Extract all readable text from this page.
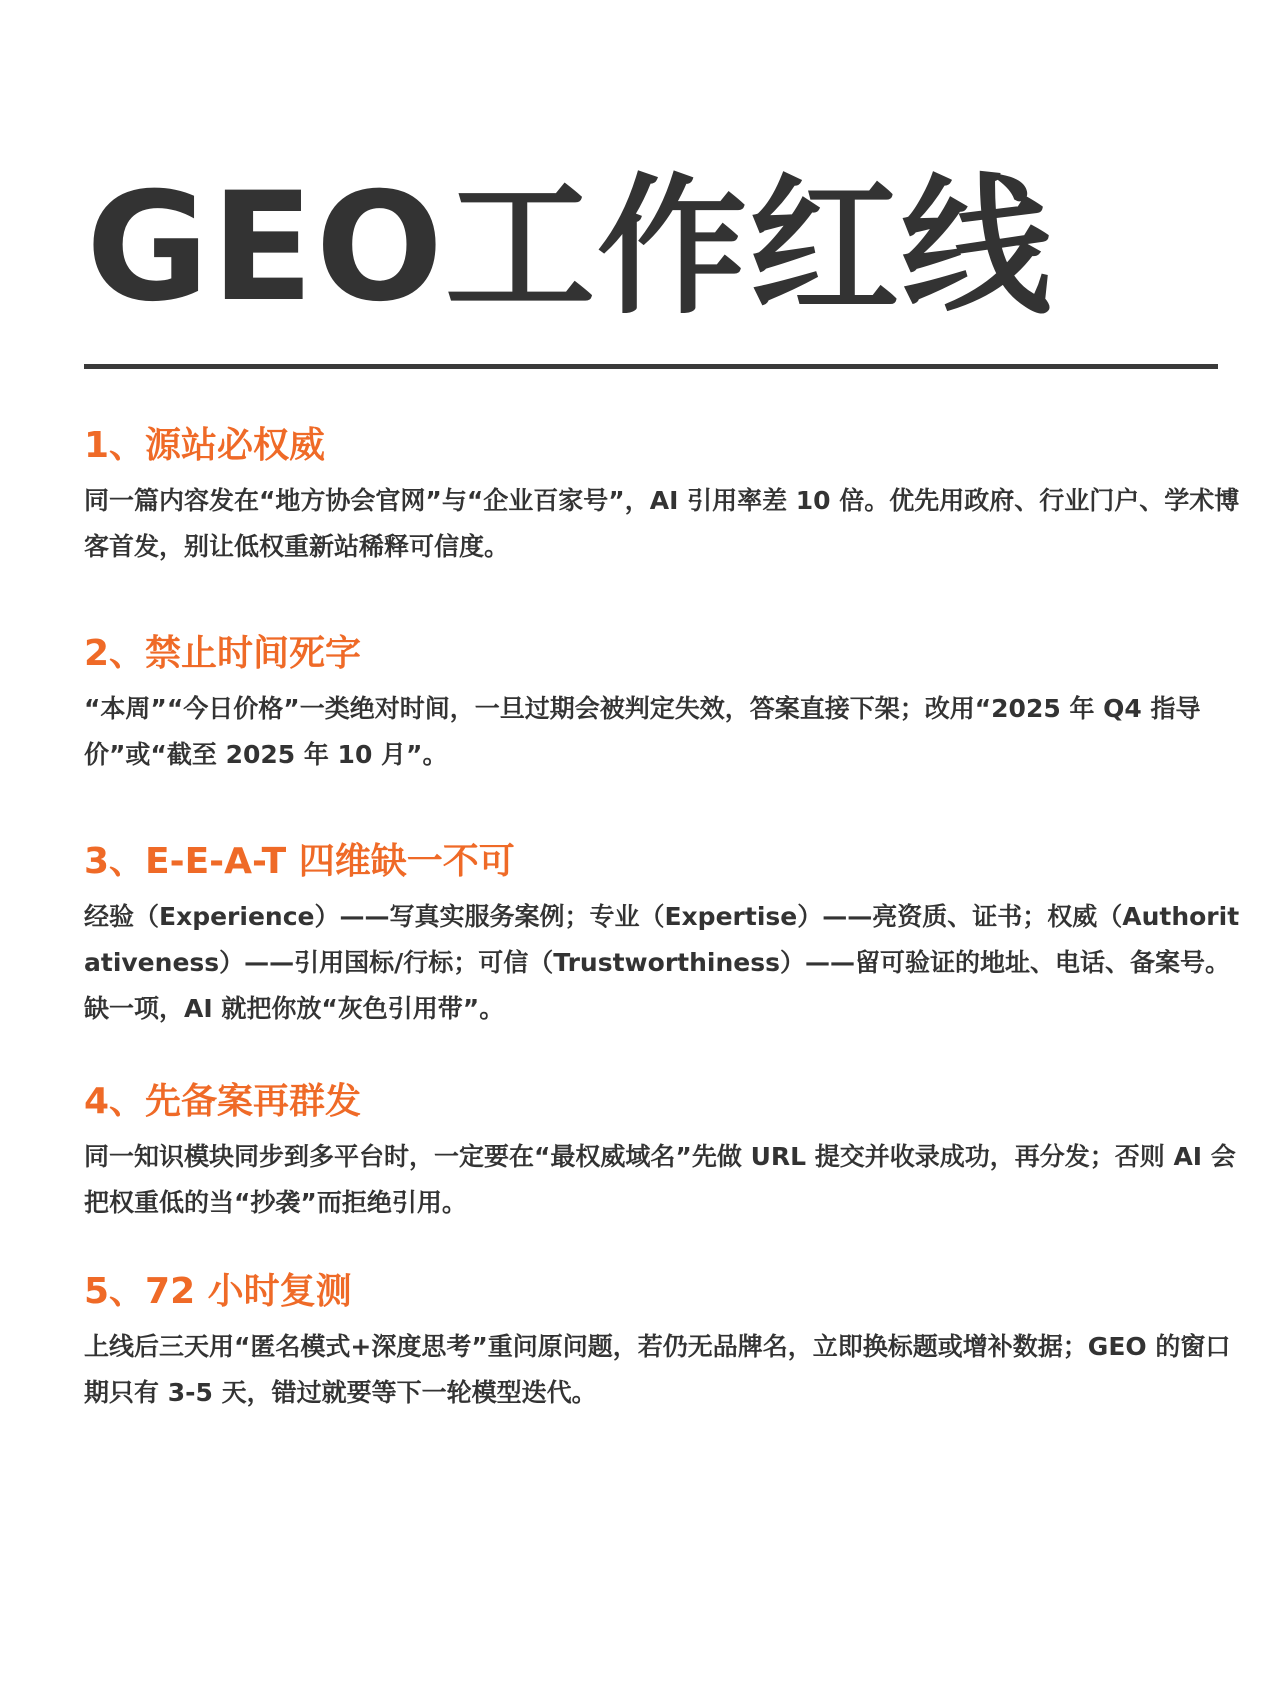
GEO工作红线
1、源站必权威

同一篇内容发在“地方协会官网”与“企业百家号”，AI 引用率差 10 倍。优先用政府、行业门户、学术博客首发，别让低权重新站稀释可信度。

2、禁止时间死字

“本周”“今日价格”一类绝对时间，一旦过期会被判定失效，答案直接下架；改用“2025 年 Q4 指导价”或“截至 2025 年 10 月”。

3、E-E-A-T 四维缺一不可

经验（Experience）——写真实服务案例；专业（Expertise）——亮资质、证书；权威（Authoritativeness）——引用国标/行标；可信（Trustworthiness）——留可验证的地址、电话、备案号。缺一项，AI 就把你放“灰色引用带”。

4、先备案再群发

同一知识模块同步到多平台时，一定要在“最权威域名”先做 URL 提交并收录成功，再分发；否则 AI 会把权重低的当“抄袭”而拒绝引用。

5、72 小时复测

上线后三天用“匿名模式+深度思考”重问原问题，若仍无品牌名，立即换标题或增补数据；GEO 的窗口期只有 3-5 天，错过就要等下一轮模型迭代。
